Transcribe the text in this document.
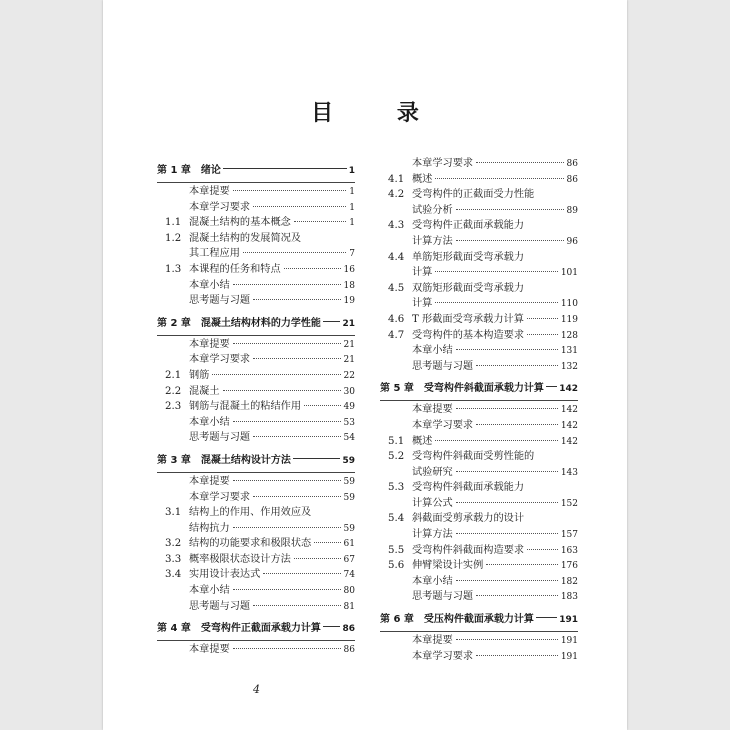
目 录
第 1 章 绪论	1
本章提要	1
本章学习要求	1
1.1 混凝土结构的基本概念	1
1.2 混凝土结构的发展简况及
其工程应用	7
1.3 本课程的任务和特点	16
本章小结	18
思考题与习题	19
第 2 章 混凝土结构材料的力学性能 21
本章提要	21
本章学习要求	21
2.1 钢筋	22
2.2 混凝土	30
2.3 钢筋与混凝土的粘结作用	49
本章小结	53
思考题与习题	54
第 3 章 混凝土结构设计方法	59
本章提要	59
本章学习要求	59
3.1 结构上的作用、作用效应及
结构抗力	59
3.2 结构的功能要求和极限状态	61
3.3 概率极限状态设计方法	67
3.4 实用设计表达式	74
本章小结	80
思考题与习题	81
第 4 章 受弯构件正截面承载力计算 86
本章提要	86
本章学习要求	86
4.1 概述	86
4.2 受弯构件的正截面受力性能
试验分析	89
4.3 受弯构件正截面承载能力
计算方法	96
4.4 单筋矩形截面受弯承载力
计算	101
4.5 双筋矩形截面受弯承载力
计算	110
4.6 T 形截面受弯承载力计算	119
4.7 受弯构件的基本构造要求	128
本章小结	131
思考题与习题	132
第 5 章 受弯构件斜截面承载力计算 142
本章提要	142
本章学习要求	142
5.1 概述	142
5.2 受弯构件斜截面受剪性能的
试验研究	143
5.3 受弯构件斜截面承载能力
计算公式	152
5.4 斜截面受剪承载力的设计
计算方法	157
5.5 受弯构件斜截面构造要求	163
5.6 伸臂梁设计实例	176
本章小结	182
思考题与习题	183
第 6 章 受压构件截面承载力计算	191
本章提要	191
本章学习要求	191
4
